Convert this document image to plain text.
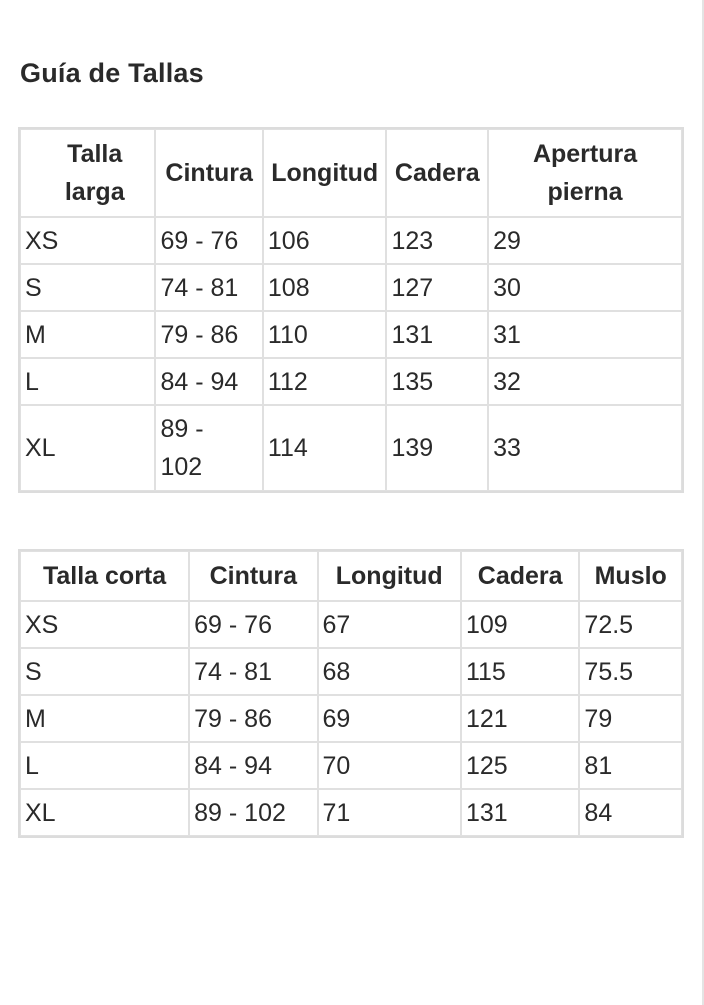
Guía de Tallas
Talla larga	Cintura	Longitud	Cadera	Apertura pierna
XS	69 - 76	106	123	29
S	74 - 81	108	127	30
M	79 - 86	110	131	31
L	84 - 94	112	135	32
XL	89 - 102	114	139	33
Talla corta	Cintura	Longitud	Cadera	Muslo
XS	69 - 76	67	109	72.5
S	74 - 81	68	115	75.5
M	79 - 86	69	121	79
L	84 - 94	70	125	81
XL	89 - 102	71	131	84
